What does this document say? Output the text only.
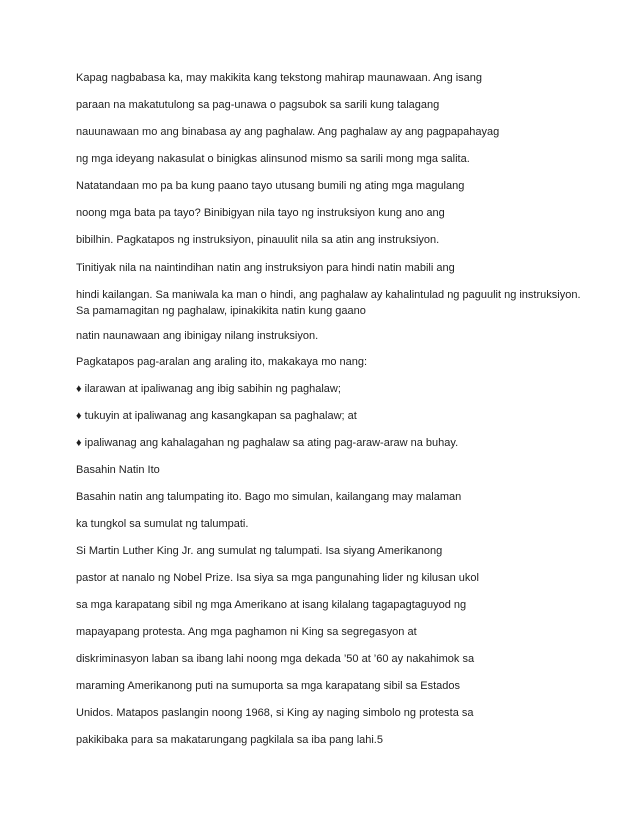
Kapag nagbabasa ka, may makikita kang tekstong mahirap maunawaan. Ang isang

paraan na makatutulong sa pag-unawa o pagsubok sa sarili kung talagang

nauunawaan mo ang binabasa ay ang paghalaw. Ang paghalaw ay ang pagpapahayag

ng mga ideyang nakasulat o binigkas alinsunod mismo sa sarili mong mga salita.

Natatandaan mo pa ba kung paano tayo utusang bumili ng ating mga magulang

noong mga bata pa tayo? Binibigyan nila tayo ng instruksiyon kung ano ang

bibilhin. Pagkatapos ng instruksiyon, pinauulit nila sa atin ang instruksiyon.

Tinitiyak nila na naintindihan natin ang instruksiyon para hindi natin mabili ang

hindi kailangan. Sa maniwala ka man o hindi, ang paghalaw ay kahalintulad ng paguulit ng instruksiyon.

Sa pamamagitan ng paghalaw, ipinakikita natin kung gaano

natin naunawaan ang ibinigay nilang instruksiyon.

Pagkatapos pag-aralan ang araling ito, makakaya mo nang:

♦ ilarawan at ipaliwanag ang ibig sabihin ng paghalaw;

♦ tukuyin at ipaliwanag ang kasangkapan sa paghalaw; at

♦ ipaliwanag ang kahalagahan ng paghalaw sa ating pag-araw-araw na buhay.

Basahin Natin Ito

Basahin natin ang talumpating ito. Bago mo simulan, kailangang may malaman

ka tungkol sa sumulat ng talumpati.

Si Martin Luther King Jr. ang sumulat ng talumpati. Isa siyang Amerikanong

pastor at nanalo ng Nobel Prize. Isa siya sa mga pangunahing lider ng kilusan ukol

sa mga karapatang sibil ng mga Amerikano at isang kilalang tagapagtaguyod ng

mapayapang protesta. Ang mga paghamon ni King sa segregasyon at

diskriminasyon laban sa ibang lahi noong mga dekada ’50 at ’60 ay nakahimok sa

maraming Amerikanong puti na sumuporta sa mga karapatang sibil sa Estados

Unidos. Matapos paslangin noong 1968, si King ay naging simbolo ng protesta sa

pakikibaka para sa makatarungang pagkilala sa iba pang lahi.5
